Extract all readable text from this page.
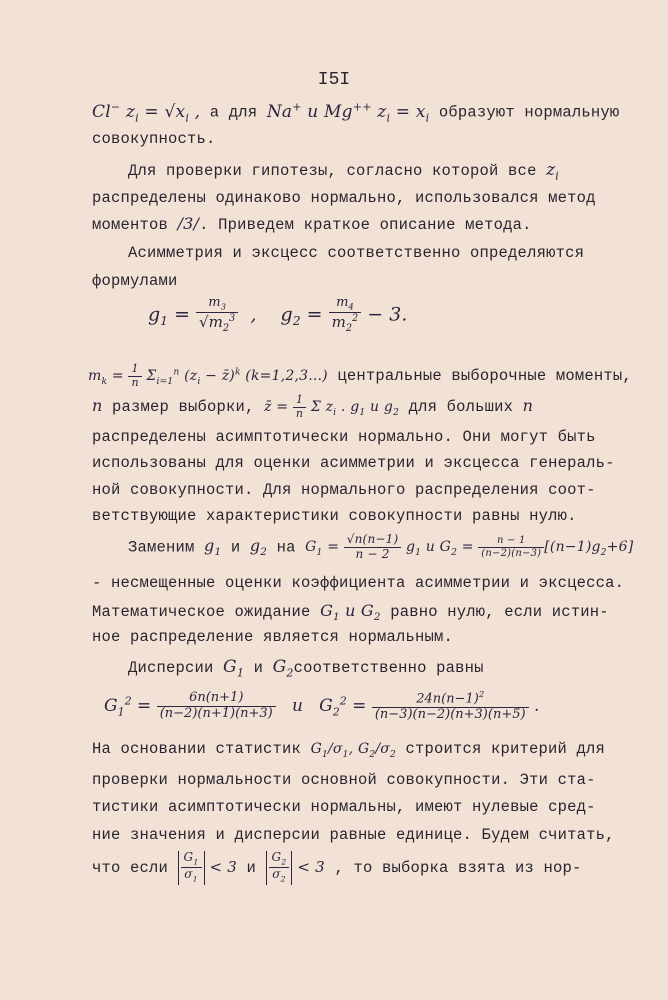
I5I
Cl− $z_i = √x_i$ , а для Na+ и Mg++ $z_i = x_i$ образуют нормальную
совокупность.
Для проверки гипотезы, согласно которой все $z_i$
распределены одинаково нормально, использовался метод
моментов /3/. Приведем краткое описание метода.
Асимметрия и эксцесс соответственно определяются
формулами
$g_1 = \frac{m_3}{√m_2^3}$ ,    $g_2 = \frac{m_4}{m_2^2} - 3$.
$m_k = \frac{1}{n} \Sigma_{i=1}^n$ ($z_i$ − z̄)$^k$ (k=1,2,3...) центральные выборочные моменты,
n размер выборки, z̄ = $\frac{1}{n}$ Σ $z_i$ . $g_1$ и $g_2$ для больших n
распределены асимптотически нормально. Они могут быть
использованы для оценки асимметрии и эксцесса генераль-
ной совокупности. Для нормального распределения соот-
ветствующие характеристики совокупности равны нулю.
Заменим $g_1$ и $g_2$ на $G_1 = \frac{√n(n-1)}{n - 2} g_1$ и $G_2 = \frac{n - 1}{(n-2)(n-3)} [(n-1)g_2+6]$
- несмещенные оценки коэффициента асимметрии и эксцесса.
Математическое ожидание $G_1$ и $G_2$ равно нулю, если истин-
ное распределение является нормальным.
Дисперсии $G_1$ и $G_2соответственно$ равны
$G_1^2 = \frac{6n(n+1)}{(n-2)(n+1)(n+3)}$ и   $G_2^2 = \frac{24n(n-1)^2}{(n-3)(n-2)(n+3)(n+5)}$ .
На основании статистик $G_1/\sigma_1$, $G_2/\sigma_2$ строится критерий для
проверки нормальности основной совокупности. Эти ста-
тистики асимптотически нормальны, имеют нулевые сред-
ние значения и дисперсии равные единице. Будем считать,
что если $\frac{G_1}{\sigma_1} < 3$ и $\frac{G_2}{\sigma_2} < 3$ , то выборка взята из нор-
